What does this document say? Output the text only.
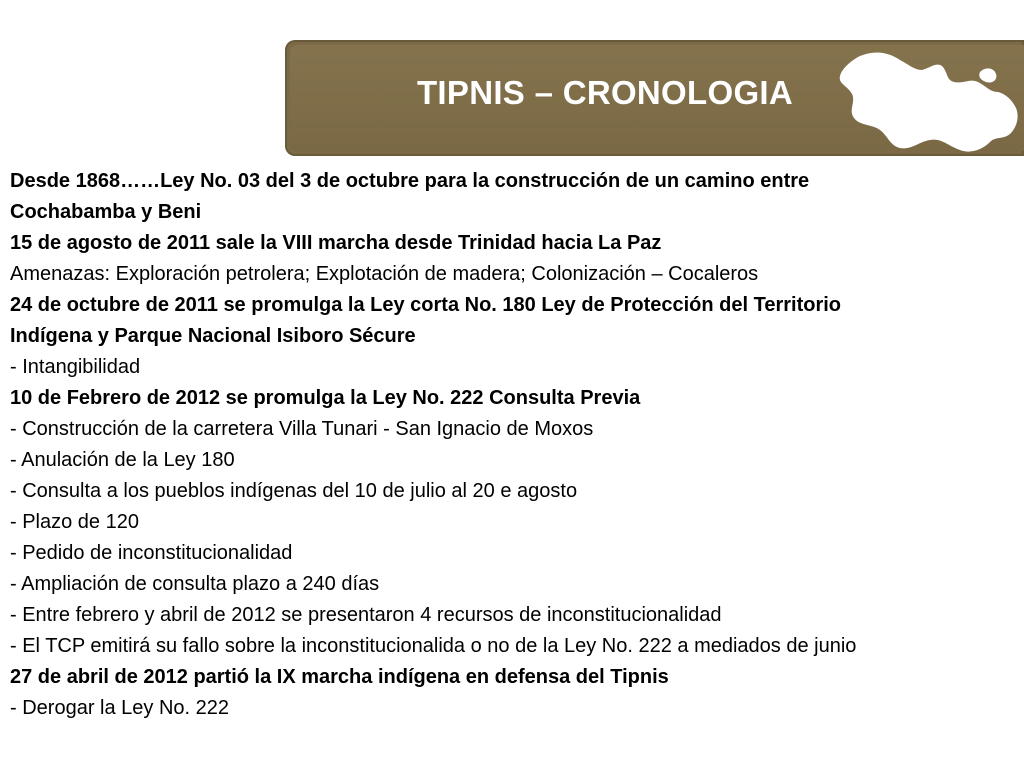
TIPNIS – CRONOLOGIA
Desde 1868……Ley No. 03 del 3 de octubre para la construcción de un camino entre
Cochabamba y Beni
15 de agosto de 2011 sale la VIII marcha desde Trinidad hacia La Paz
Amenazas: Exploración petrolera; Explotación de madera; Colonización – Cocaleros
24 de octubre de 2011 se promulga la Ley corta No. 180 Ley de Protección del Territorio
Indígena y Parque Nacional Isiboro Sécure
- Intangibilidad
10 de Febrero de 2012 se promulga la Ley No. 222 Consulta Previa
- Construcción de la carretera Villa Tunari - San Ignacio de Moxos
- Anulación de la Ley 180
- Consulta a los pueblos indígenas del 10 de julio al 20 e agosto
- Plazo de 120
- Pedido de inconstitucionalidad
- Ampliación de consulta plazo a 240 días
- Entre febrero y abril de 2012 se presentaron 4 recursos de inconstitucionalidad
- El TCP emitirá su fallo sobre la inconstitucionalida o no de la Ley No. 222 a mediados de junio
27 de abril de 2012 partió la IX marcha indígena en defensa del Tipnis
- Derogar la Ley No. 222
